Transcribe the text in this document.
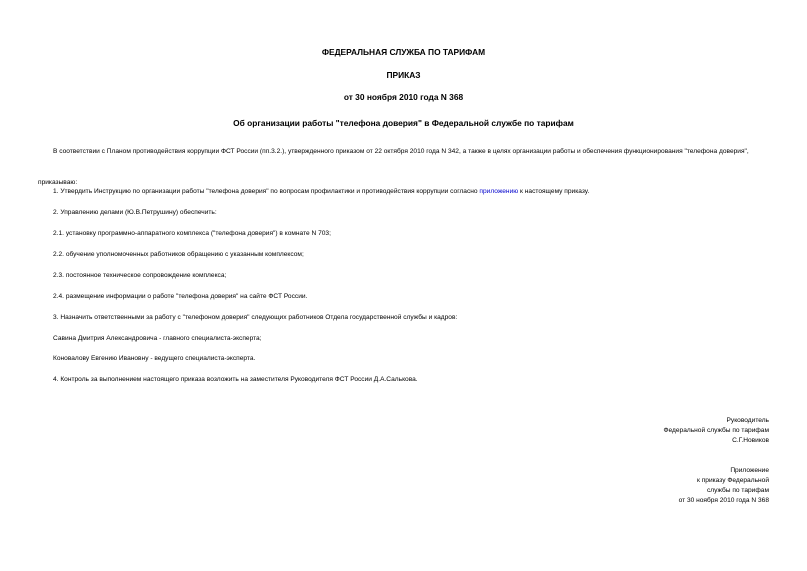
ФЕДЕРАЛЬНАЯ СЛУЖБА ПО ТАРИФАМ
ПРИКАЗ
от 30 ноября 2010 года N 368
Об организации работы "телефона доверия" в Федеральной службе по тарифам
В соответствии с Планом противодействия коррупции ФСТ России (пп.3.2.), утвержденного приказом от 22 октября 2010 года N 342, а также в целях организации работы и обеспечения функционирования "телефона доверия",
приказываю:
1. Утвердить Инструкцию по организации работы "телефона доверия" по вопросам профилактики и противодействия коррупции согласно приложению к настоящему приказу.
2. Управлению делами (Ю.В.Петрушину) обеспечить:
2.1. установку программно-аппаратного комплекса ("телефона доверия") в комнате N 703;
2.2. обучение уполномоченных работников обращению с указанным комплексом;
2.3. постоянное техническое сопровождение комплекса;
2.4. размещение информации о работе "телефона доверия" на сайте ФСТ России.
3. Назначить ответственными за работу с "телефоном доверия" следующих работников Отдела государственной службы и кадров:
Савина Дмитрия Александровича - главного специалиста-эксперта;
Коновалову Евгению Ивановну - ведущего специалиста-эксперта.
4. Контроль за выполнением настоящего приказа возложить на заместителя Руководителя ФСТ России Д.А.Салькова.
Руководитель
Федеральной службы по тарифам
С.Г.Новиков
Приложение
к приказу Федеральной
службы по тарифам
от 30 ноября 2010 года N 368
